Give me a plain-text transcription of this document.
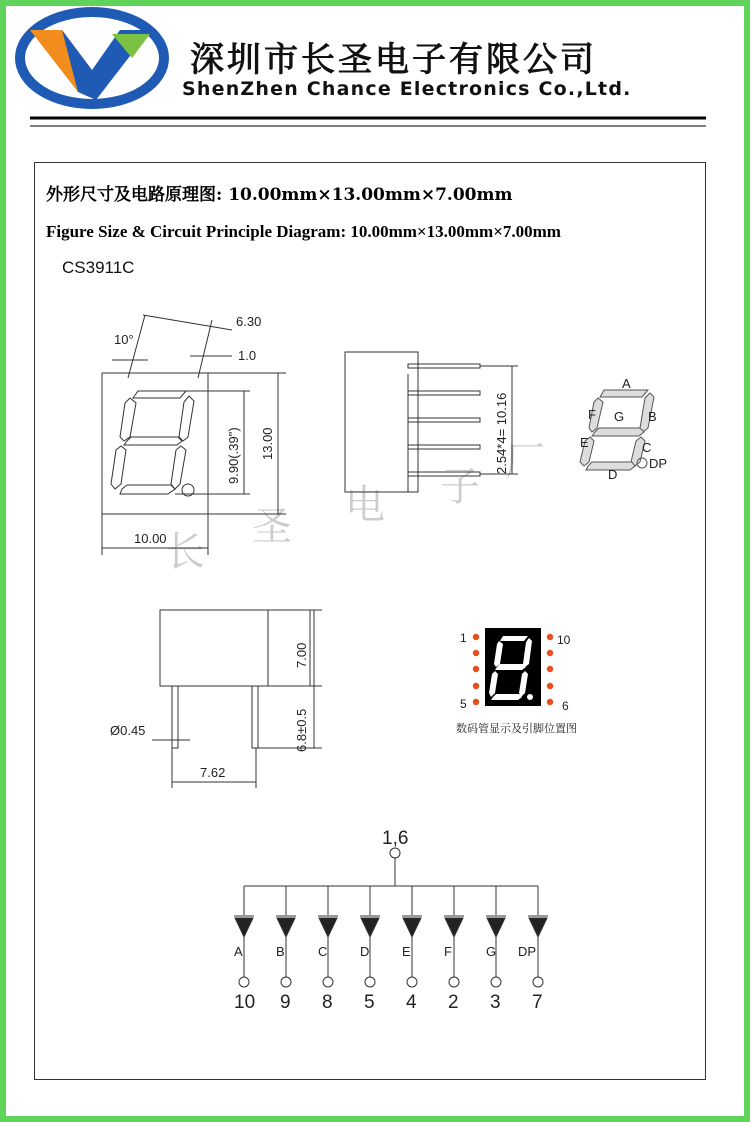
长
圣 电 子
厂
6.30
10°
1.0
10.00
13.00
9.90(.39")	2.54*4= 10.16
A
F G B
E	C
DP
D
7.00
6.8±0.5
Ø0.45
7.62
1
5
10
6
数码管显示及引脚位置图
1,6
A
10
B
9
C
8
D
5
E
4
F
2
G
3
DP
7
深圳市长圣电子有限公司
ShenZhen Chance Electronics Co.,Ltd.
外形尺寸及电路原理图: 10.00mm×13.00mm×7.00mm
Figure Size & Circuit Principle Diagram: 10.00mm×13.00mm×7.00mm
CS3911C
